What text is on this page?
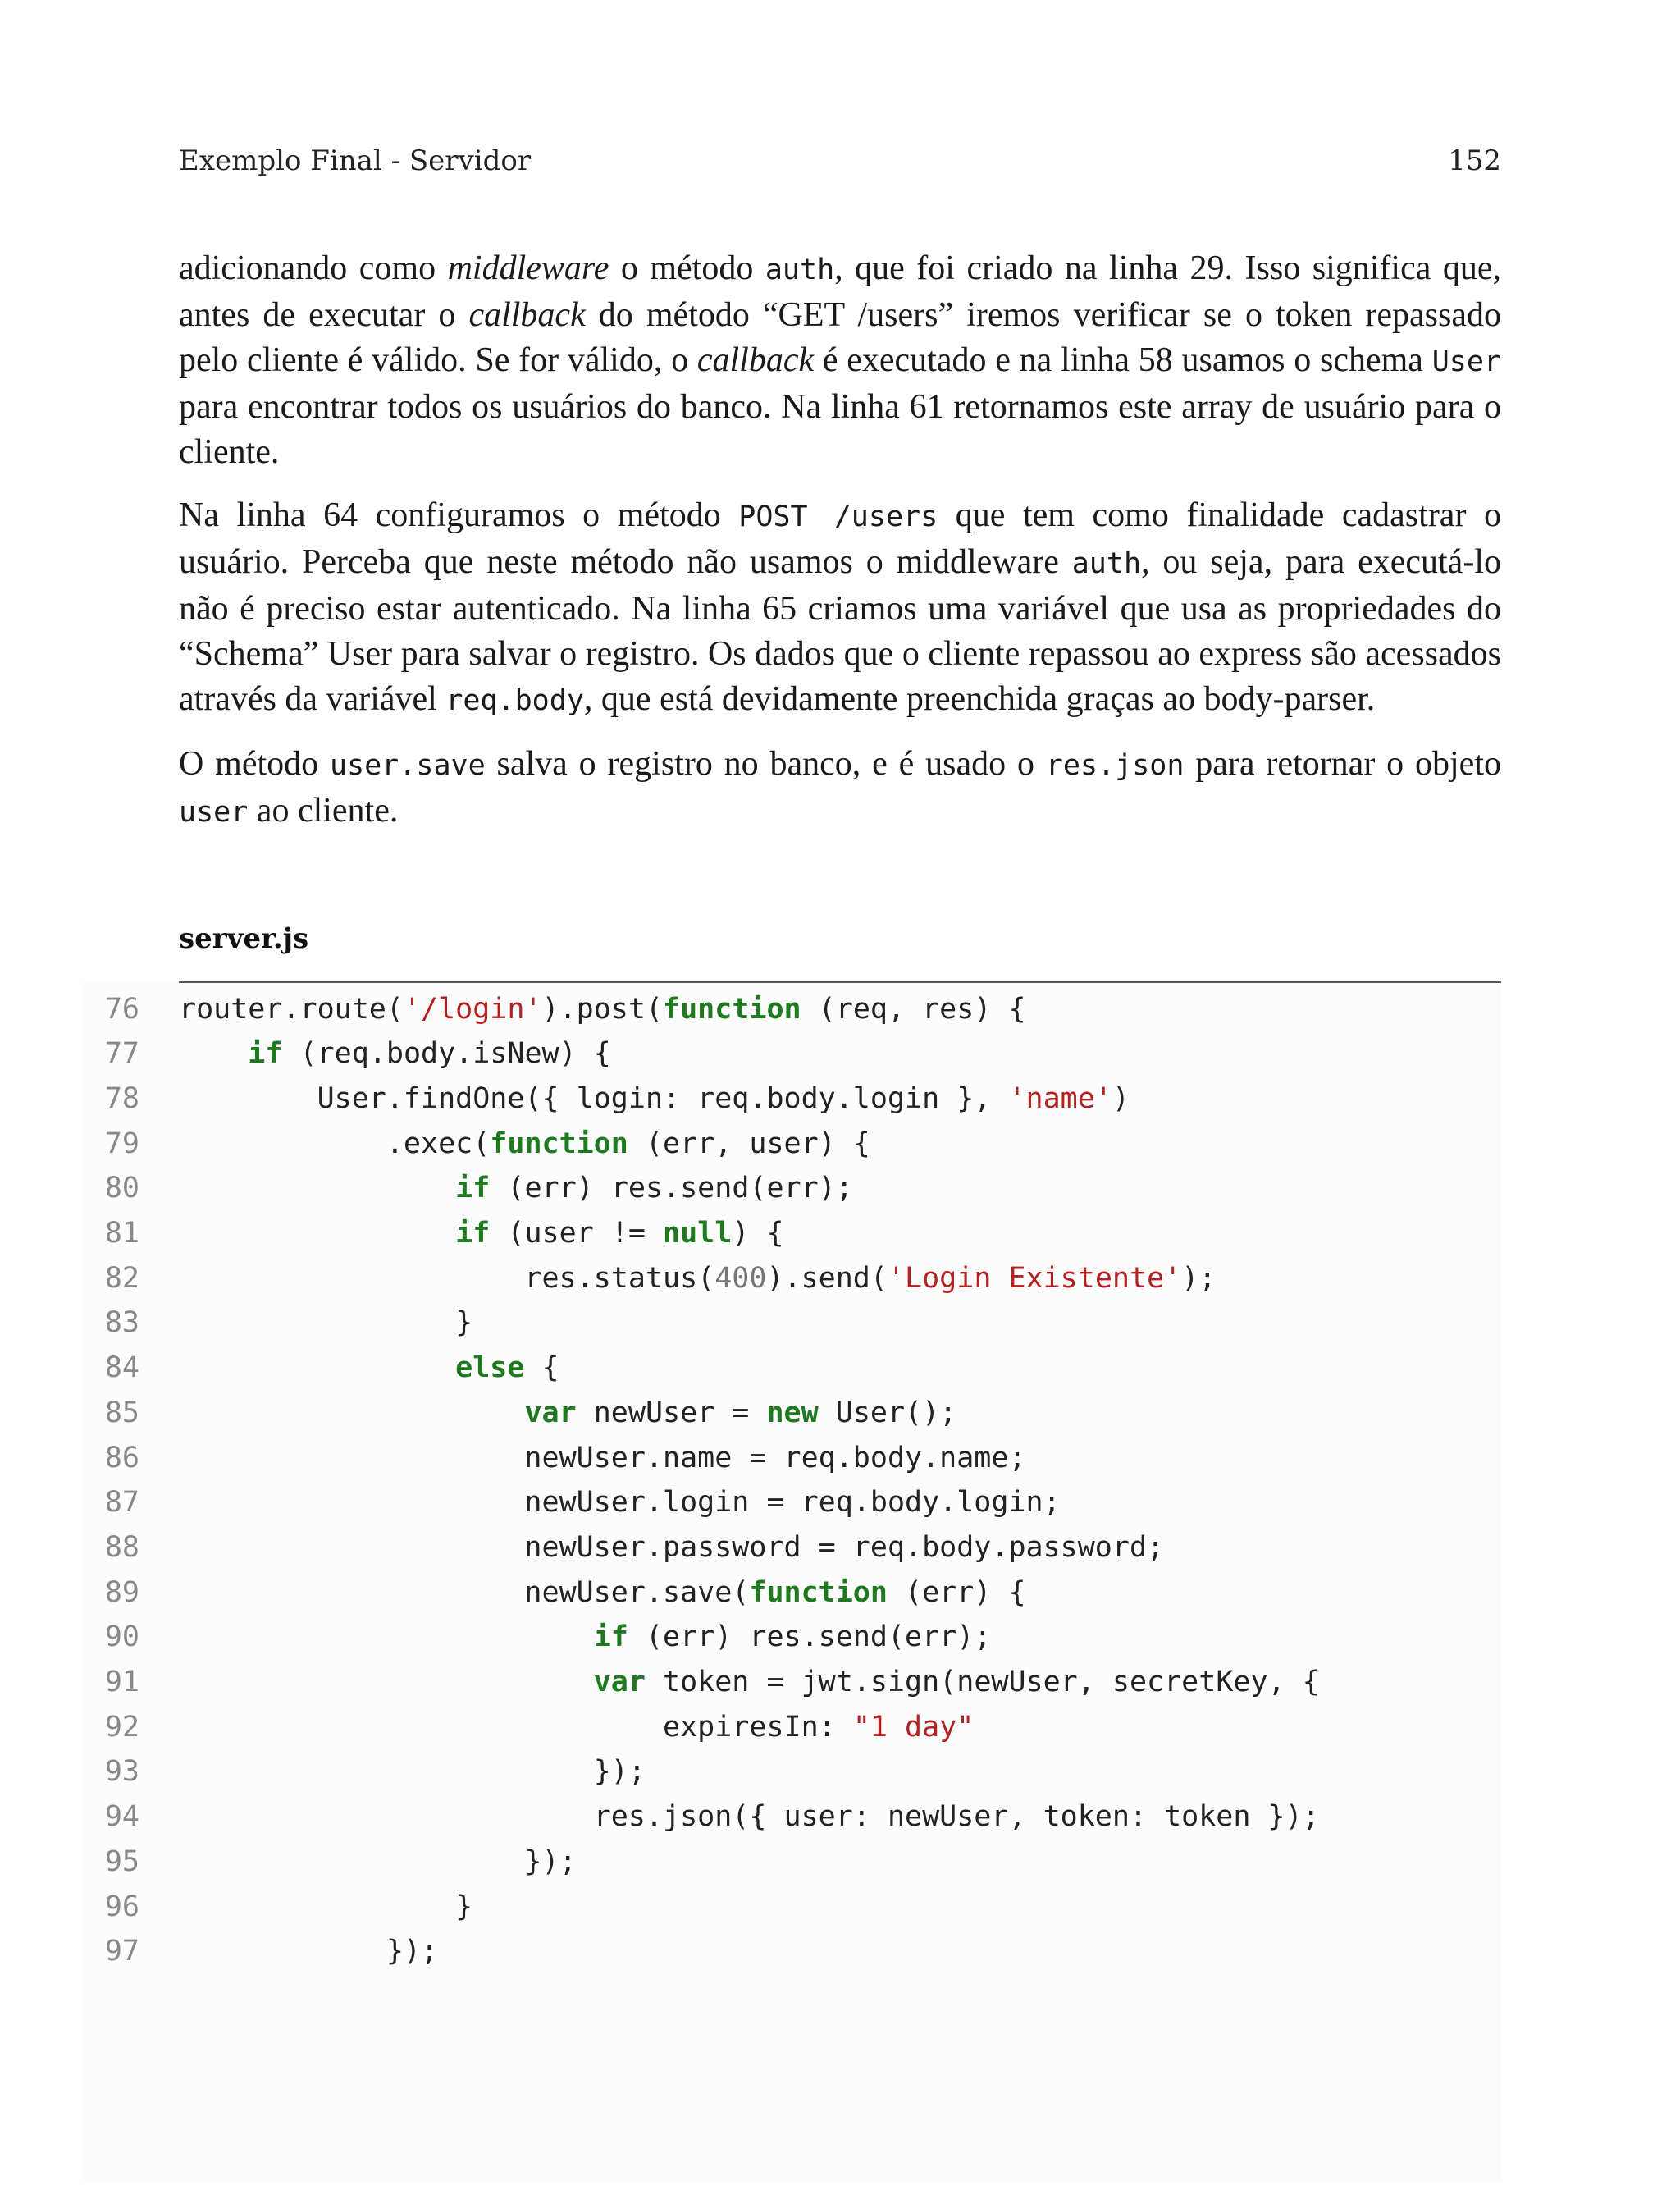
Exemplo Final - Servidor	152

adicionando como middleware o método auth, que foi criado na linha 29. Isso significa que, antes de executar o callback do método “GET /users” iremos verificar se o token repassado pelo cliente é válido. Se for válido, o callback é executado e na linha 58 usamos o schema User para encontrar todos os usuários do banco. Na linha 61 retornamos este array de usuário para o cliente.

Na linha 64 configuramos o método POST /users que tem como finalidade cadastrar o usuário. Perceba que neste método não usamos o middleware auth, ou seja, para executá-lo não é preciso estar autenticado. Na linha 65 criamos uma variável que usa as propriedades do “Schema” User para salvar o registro. Os dados que o cliente repassou ao express são acessados através da variável req.body, que está devidamente preenchida graças ao body-parser.

O método user.save salva o registro no banco, e é usado o res.json para retornar o objeto user ao cliente.

server.js
76 router.route('/login').post(function (req, res) {
77	if (req.body.isNew) {
78 User.findOne({ login: req.body.login }, 'name')
79 .exec(function (err, user) {
80	if (err) res.send(err);
81	if (user != null) {
82 res.status(400).send('Login Existente');
83 }
84	else {
85	var newUser = new User();
86 newUser.name = req.body.name;
87 newUser.login = req.body.login;
88 newUser.password = req.body.password;
89 newUser.save(function (err) {
90	if (err) res.send(err);
91	var token = jwt.sign(newUser, secretKey, {
92 expiresIn: "1 day"
93 });
94 res.json({ user: newUser, token: token });
95 });
96 }
97 });
